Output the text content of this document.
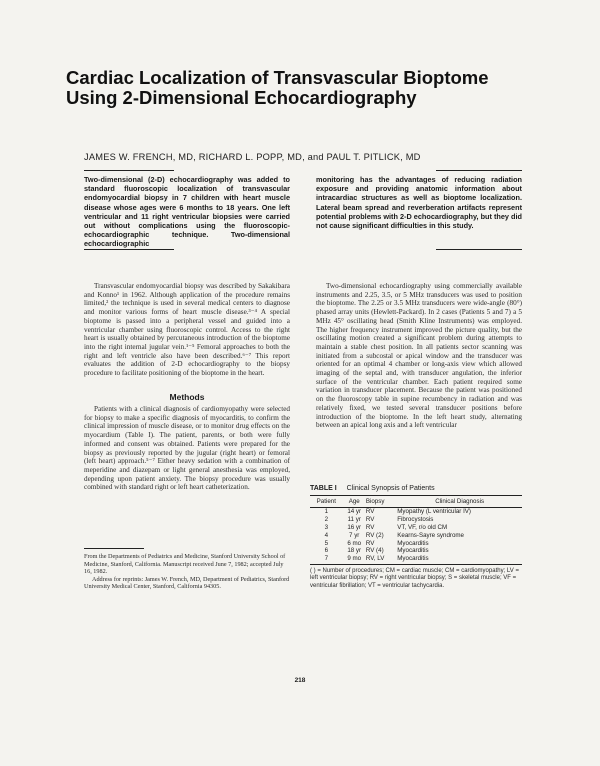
Cardiac Localization of Transvascular Bioptome
Using 2-Dimensional Echocardiography
JAMES W. FRENCH, MD, RICHARD L. POPP, MD, and PAUL T. PITLICK, MD
Two-dimensional (2-D) echocardiography was added to standard fluoroscopic localization of transvascular endomyocardial biopsy in 7 children with heart muscle disease whose ages were 6 months to 18 years. One left ventricular and 11 right ventricular biopsies were carried out without complications using the fluoroscopic-echocardiographic technique. Two-dimensional echocardiographic
monitoring has the advantages of reducing radiation exposure and providing anatomic information about intracardiac structures as well as bioptome localization. Lateral beam spread and reverberation artifacts represent potential problems with 2-D echocardiography, but they did not cause significant difficulties in this study.

Transvascular endomyocardial biopsy was described by Sakakibara and Konno¹ in 1962. Although application of the procedure remains limited,² the technique is used in several medical centers to diagnose and monitor various forms of heart muscle disease.³⁻⁴ A special bioptome is passed into a peripheral vessel and guided into a ventricular chamber using fluoroscopic control. Access to the right heart is usually obtained by percutaneous introduction of the bioptome into the right internal jugular vein.¹⁻⁵ Femoral approaches to both the right and left ventricle also have been described.⁶⁻⁷ This report evaluates the addition of 2-D echocardiography to the biopsy procedure to facilitate positioning of the bioptome in the heart.

Methods

Patients with a clinical diagnosis of cardiomyopathy were selected for biopsy to make a specific diagnosis of myocarditis, to confirm the clinical impression of muscle disease, or to monitor drug effects on the myocardium (Table I). The patient, parents, or both were fully informed and consent was obtained. Patients were prepared for the biopsy as previously reported by the jugular (right heart) or femoral (left heart) approach.⁵⁻⁷ Either heavy sedation with a combination of meperidine and diazepam or light general anesthesia was employed, depending upon patient anxiety. The biopsy procedure was usually combined with standard right or left heart catheterization.

From the Departments of Pediatrics and Medicine, Stanford University School of Medicine, Stanford, California. Manuscript received June 7, 1982; accepted July 16, 1982.
Address for reprints: James W. French, MD, Department of Pediatrics, Stanford University Medical Center, Stanford, California 94305.

Two-dimensional echocardiography using commercially available instruments and 2.25, 3.5, or 5 MHz transducers was used to position the bioptome. The 2.25 or 3.5 MHz transducers were wide-angle (80°) phased array units (Hewlett-Packard). In 2 cases (Patients 5 and 7) a 5 MHz 45° oscillating head (Smith Kline Instruments) was employed. The higher frequency instrument improved the picture quality, but the oscillating motion created a significant problem during attempts to maintain a stable chest position. In all patients sector scanning was initiated from a subcostal or apical window and the transducer was oriented for an optimal 4 chamber or long-axis view which allowed imaging of the septal and, with transducer angulation, the inferior surface of the ventricular chamber. Each patient required some variation in transducer placement. Because the patient was positioned on the fluoroscopy table in supine recumbency in radiation and was relatively fixed, we tested several transducer positions before introduction of the bioptome. In the left heart study, alternating between an apical long axis and a left ventricular

TABLE I Clinical Synopsis of Patients
Patient	Age	Biopsy	Clinical Diagnosis
1	14 yr	RV	Myopathy (L ventricular IV)
2	11 yr	RV	Fibrocystosis
3	16 yr	RV	VT, VF, r/o old CM
4	7 yr	RV (2)	Kearns-Sayre syndrome
5	6 mo	RV	Myocarditis
6	18 yr	RV (4)	Myocarditis
7	9 mo	RV, LV	Myocarditis
( ) = Number of procedures; CM = cardiac muscle; CM = cardiomyopathy; LV = left ventricular biopsy; RV = right ventricular biopsy; S = skeletal muscle; VF = ventricular fibrillation; VT = ventricular tachycardia.
218
